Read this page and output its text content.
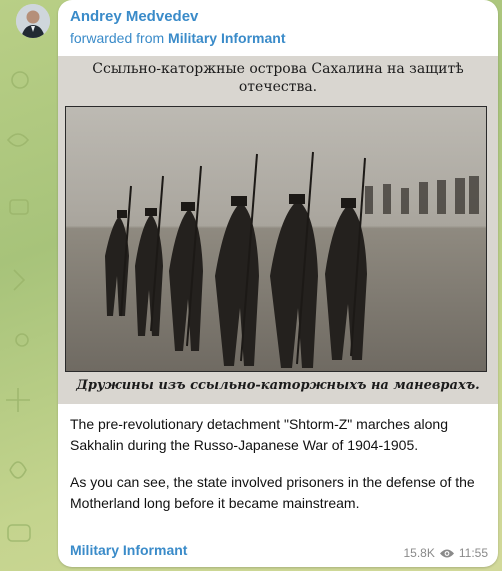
Andrey Medvedev
forwarded from Military Informant
Ссыльно-каторжные острова Сахалина на защитѣ
отечества.
Дружины изъ ссыльно-каторжныхъ на маневрахъ.

The pre-revolutionary detachment "Shtorm-Z" marches along Sakhalin during the Russo-Japanese War of 1904-1905.

As you can see, the state involved prisoners in the defense of the Motherland long before it became mainstream.

Military Informant	15.8K 11:55
